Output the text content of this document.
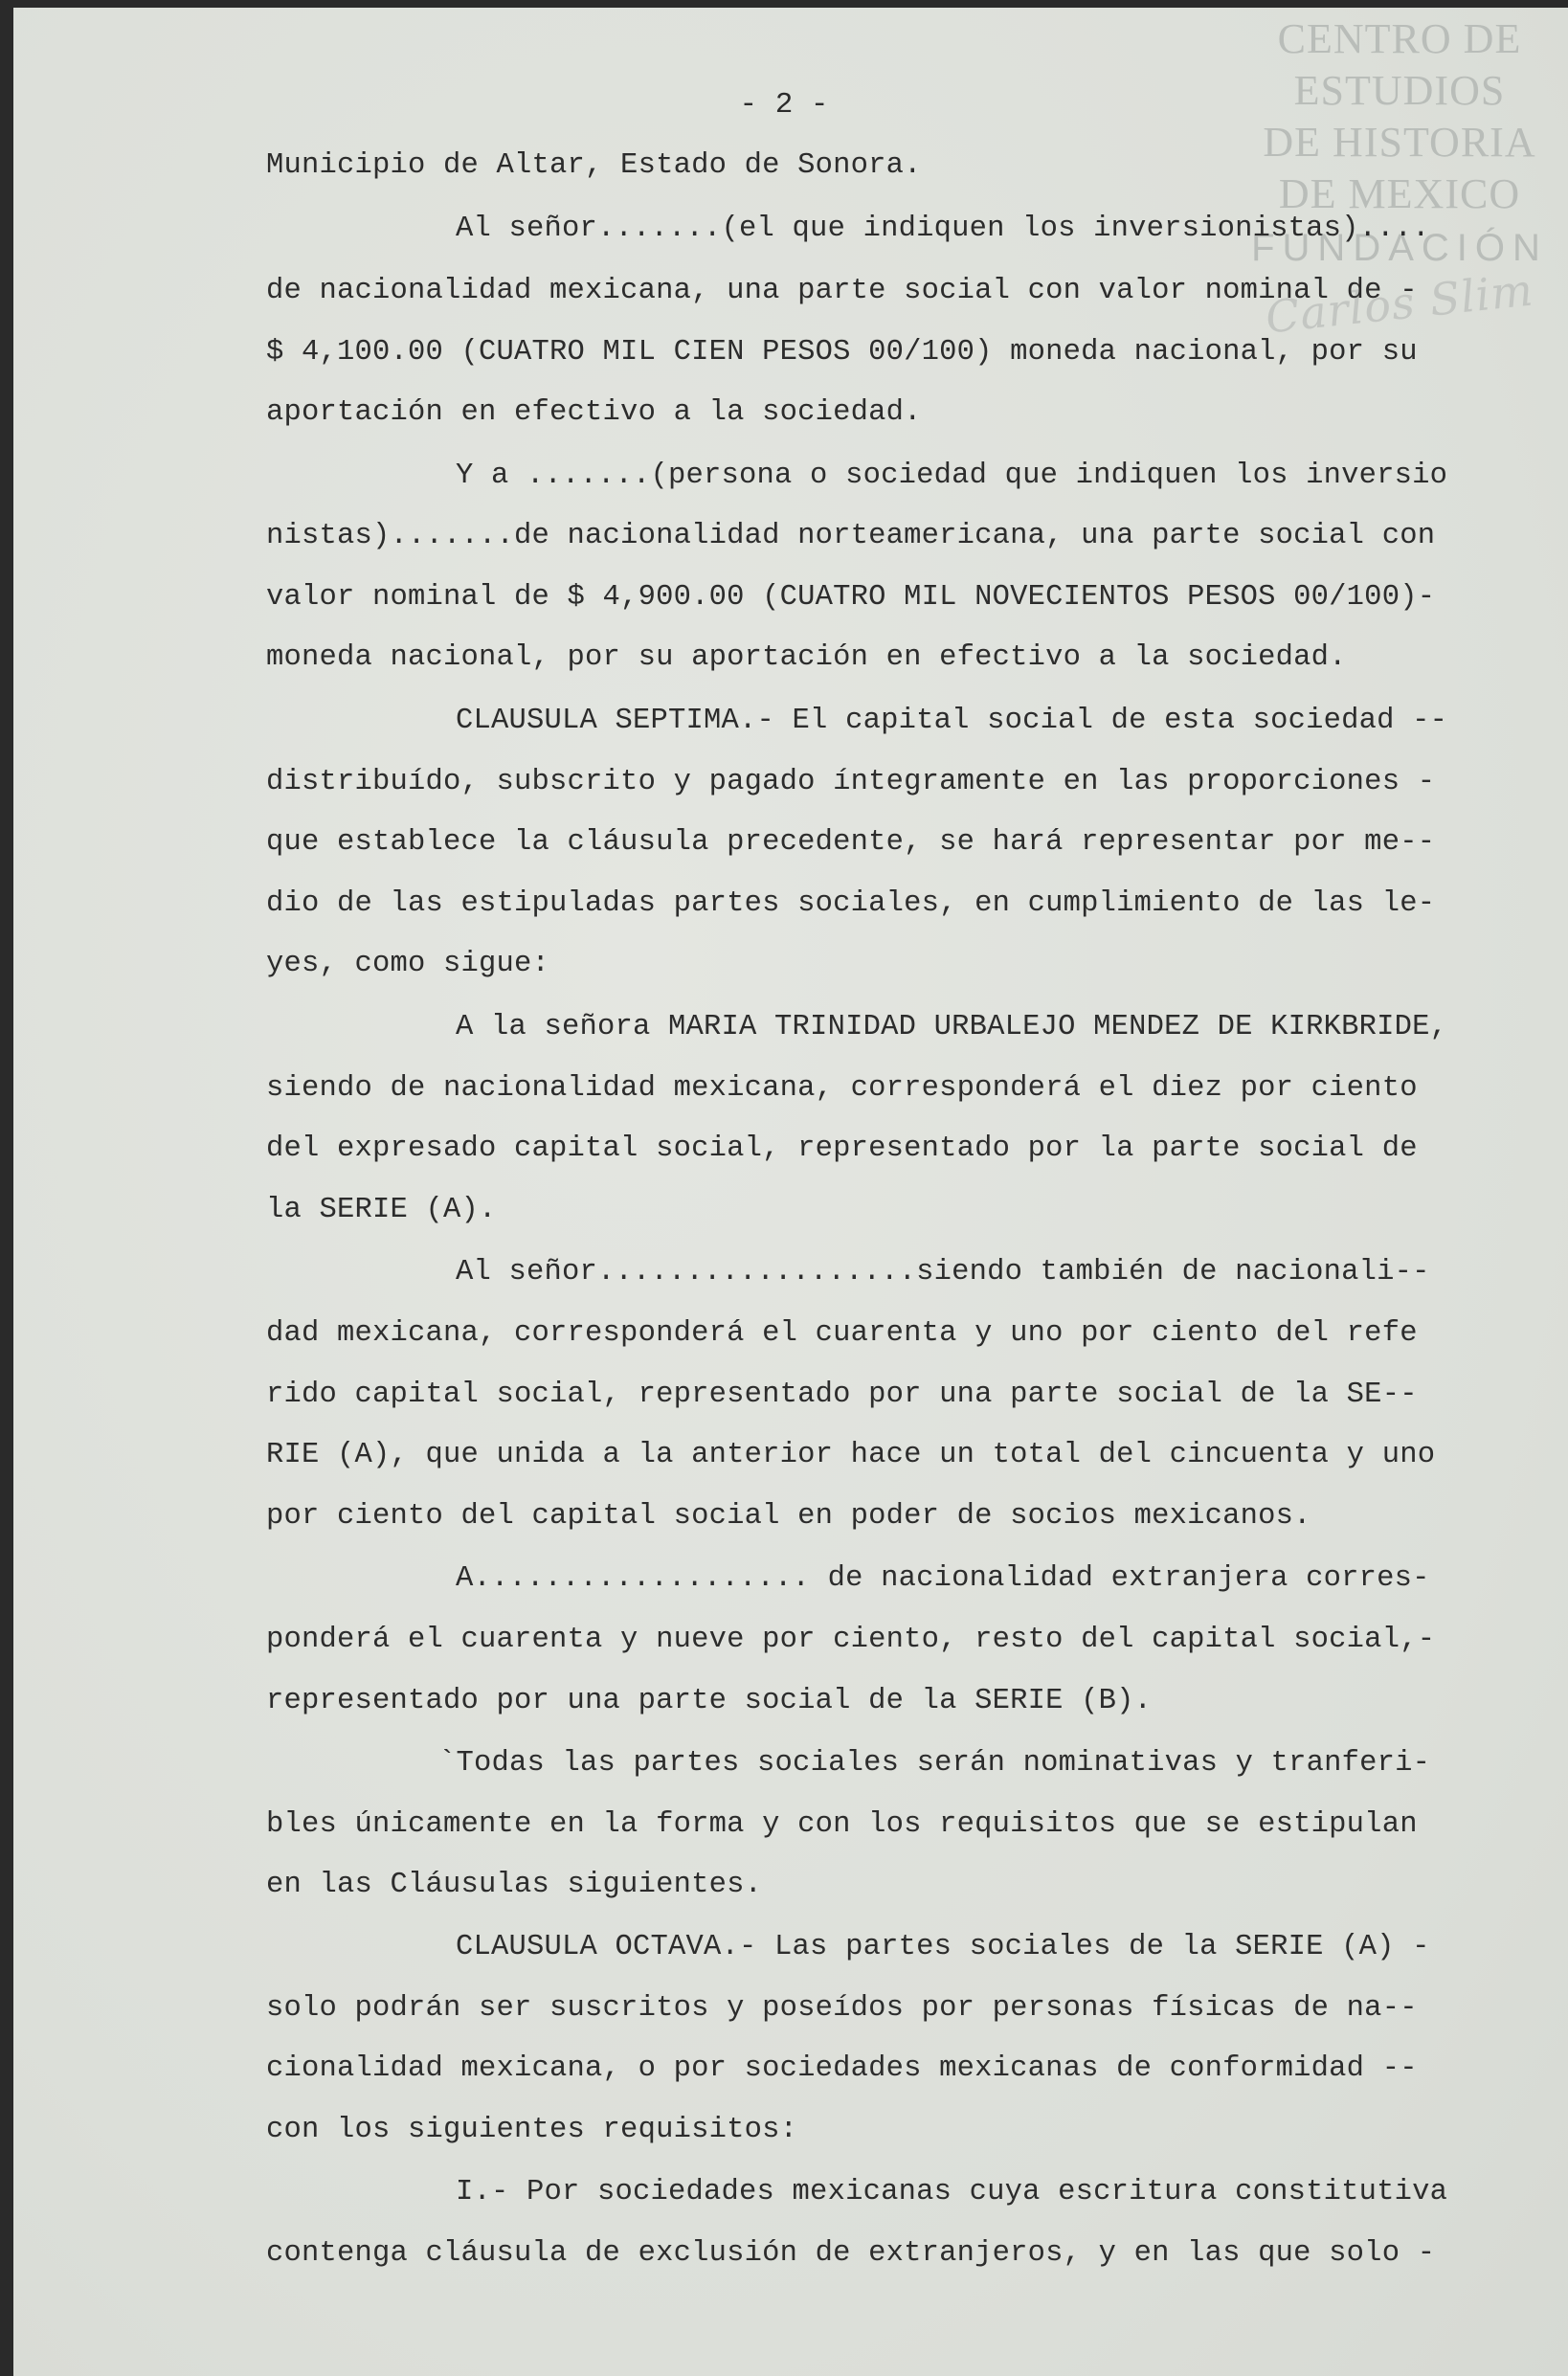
CENTRO DE
ESTUDIOS
DE HISTORIA
DE MEXICO
FUNDACIÓN
Carlos Slim
- 2 -
Municipio de Altar, Estado de Sonora.
Al señor.......(el que indiquen los inversionistas)....
de nacionalidad mexicana, una parte social con valor nominal de -
$ 4,100.00 (CUATRO MIL CIEN PESOS 00/100) moneda nacional, por su
aportación en efectivo a la sociedad.
Y a .......(persona o sociedad que indiquen los inversio
nistas).......de nacionalidad norteamericana, una parte social con
valor nominal de $ 4,900.00 (CUATRO MIL NOVECIENTOS PESOS 00/100)-
moneda nacional, por su aportación en efectivo a la sociedad.
CLAUSULA SEPTIMA.- El capital social de esta sociedad --
distribuído, subscrito y pagado íntegramente en las proporciones -
que establece la cláusula precedente, se hará representar por me--
dio de las estipuladas partes sociales, en cumplimiento de las le-
yes, como sigue:
A la señora MARIA TRINIDAD URBALEJO MENDEZ DE KIRKBRIDE,
siendo de nacionalidad mexicana, corresponderá el diez por ciento
del expresado capital social, representado por la parte social de
la SERIE (A).
Al señor..................siendo también de nacionali--
dad mexicana, corresponderá el cuarenta y uno por ciento del refe
rido capital social, representado por una parte social de la SE--
RIE (A), que unida a la anterior hace un total del cincuenta y uno
por ciento del capital social en poder de socios mexicanos.
A................... de nacionalidad extranjera corres-
ponderá el cuarenta y nueve por ciento, resto del capital social,-
representado por una parte social de la SERIE (B).
`Todas las partes sociales serán nominativas y tranferi-
bles únicamente en la forma y con los requisitos que se estipulan
en las Cláusulas siguientes.
CLAUSULA OCTAVA.- Las partes sociales de la SERIE (A) -
solo podrán ser suscritos y poseídos por personas físicas de na--
cionalidad mexicana, o por sociedades mexicanas de conformidad --
con los siguientes requisitos:
I.- Por sociedades mexicanas cuya escritura constitutiva
contenga cláusula de exclusión de extranjeros, y en las que solo -
